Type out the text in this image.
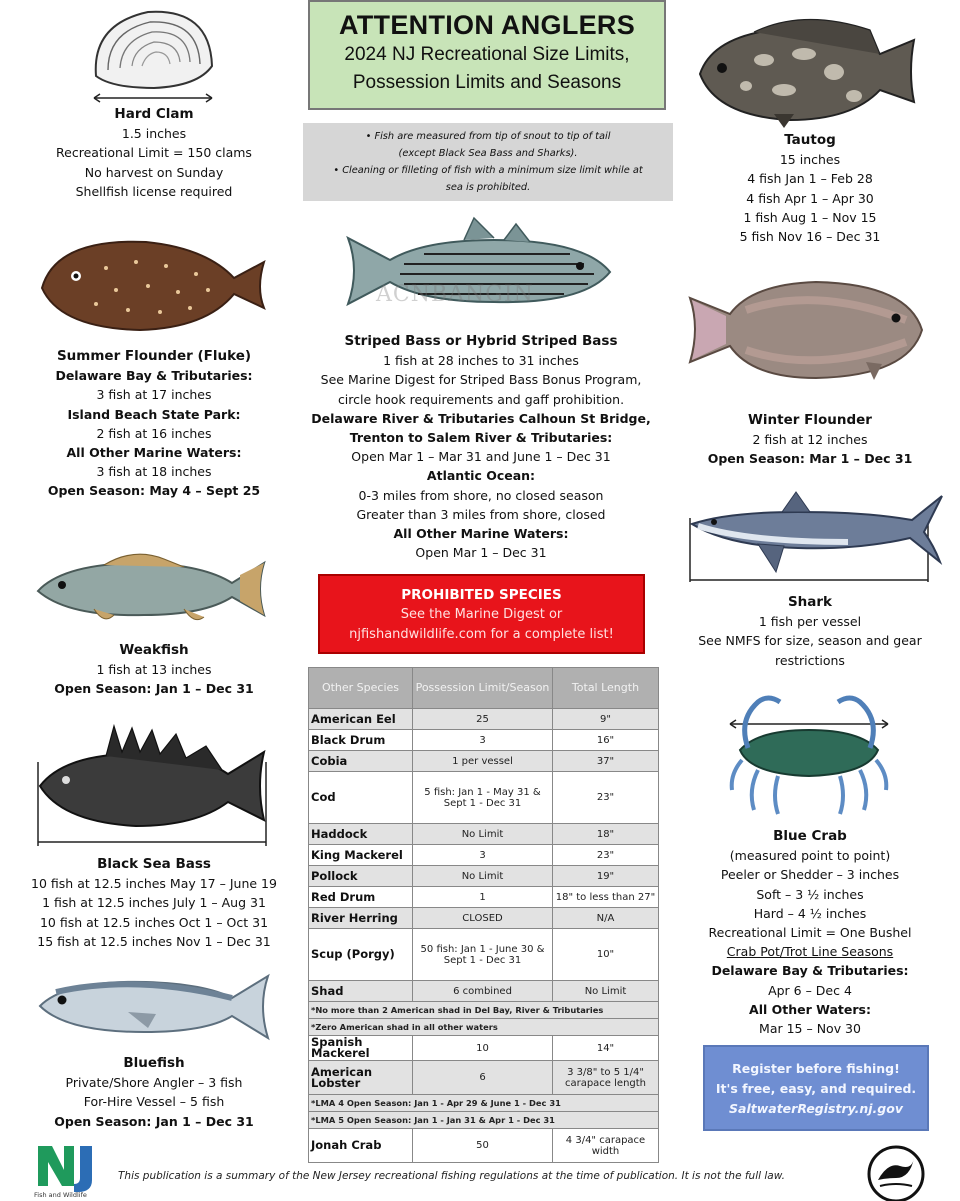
ATTENTION ANGLERS
2024 NJ Recreational Size Limits,
Possession Limits and Seasons
• Fish are measured from tip of snout to tip of tail
(except Black Sea Bass and Sharks).
• Cleaning or filleting of fish with a minimum size limit while at
sea is prohibited.
ACNBANGIN
Hard Clam
1.5 inches
Recreational Limit = 150 clams
No harvest on Sunday
Shellfish license required
Summer Flounder (Fluke)
Delaware Bay & Tributaries:
3 fish at 17 inches
Island Beach State Park:
2 fish at 16 inches
All Other Marine Waters:
3 fish at 18 inches
Open Season: May 4 – Sept 25
Weakfish
1 fish at 13 inches
Open Season: Jan 1 – Dec 31
Black Sea Bass
10 fish at 12.5 inches May 17 – June 19
1 fish at 12.5 inches July 1 – Aug 31
10 fish at 12.5 inches Oct 1 – Oct 31
15 fish at 12.5 inches Nov 1 – Dec 31
Bluefish
Private/Shore Angler – 3 fish
For-Hire Vessel – 5 fish
Open Season: Jan 1 – Dec 31
Striped Bass or Hybrid Striped Bass
1 fish at 28 inches to 31 inches
See Marine Digest for Striped Bass Bonus Program,
circle hook requirements and gaff prohibition.
Delaware River & Tributaries Calhoun St Bridge,
Trenton to Salem River & Tributaries:
Open Mar 1 – Mar 31 and June 1 – Dec 31
Atlantic Ocean:
0-3 miles from shore, no closed season
Greater than 3 miles from shore, closed
All Other Marine Waters:
Open Mar 1 – Dec 31
PROHIBITED SPECIES
See the Marine Digest or
njfishandwildlife.com for a complete list!
Other Species	Possession Limit/Season	Total Length
American Eel	25	9"
Black Drum	3	16"
Cobia	1 per vessel	37"
Cod	5 fish: Jan 1 - May 31 & Sept 1 - Dec 31	23"
Haddock	No Limit	18"
King Mackerel	3	23"
Pollock	No Limit	19"
Red Drum	1	18" to less than 27"
River Herring	CLOSED	N/A
Scup (Porgy)	50 fish: Jan 1 - June 30 & Sept 1 - Dec 31	10"
Shad	6 combined	No Limit
*No more than 2 American shad in Del Bay, River & Tributaries		
*Zero American shad in all other waters		
Spanish Mackerel	10	14"
American Lobster	6	3 3/8" to 5 1/4" carapace length
*LMA 4 Open Season: Jan 1 - Apr 29 & June 1 - Dec 31		
*LMA 5 Open Season: Jan 1 - Jan 31 & Apr 1 - Dec 31		
Jonah Crab	50	4 3/4" carapace width
Tautog
15 inches
4 fish Jan 1 – Feb 28
4 fish Apr 1 – Apr 30
1 fish Aug 1 – Nov 15
5 fish Nov 16 – Dec 31
Winter Flounder
2 fish at 12 inches
Open Season: Mar 1 – Dec 31
Shark
1 fish per vessel
See NMFS for size, season and gear
restrictions
Blue Crab
(measured point to point)
Peeler or Shedder – 3 inches
Soft – 3 ½ inches
Hard – 4 ½ inches
Recreational Limit = One Bushel
Crab Pot/Trot Line Seasons
Delaware Bay & Tributaries:
Apr 6 – Dec 4
All Other Waters:
Mar 15 – Nov 30
Register before fishing!
It's free, easy, and required.
SaltwaterRegistry.nj.gov
Fish and Wildlife
This publication is a summary of the New Jersey recreational fishing regulations at the time of publication. It is not the full law.
